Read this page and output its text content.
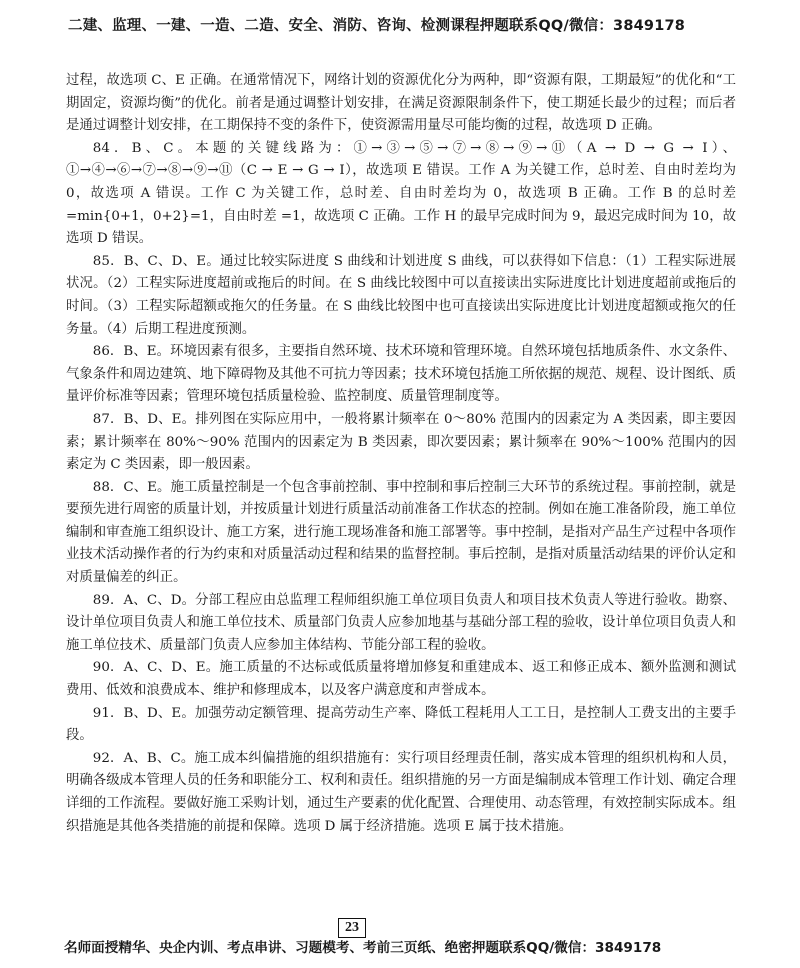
二建、监理、一建、一造、二造、安全、消防、咨询、检测课程押题联系QQ/微信：3849178

过程，故选项 C、E 正确。在通常情况下，网络计划的资源优化分为两种，即“资源有限，工期最短”的优化和“工期固定，资源均衡”的优化。前者是通过调整计划安排，在满足资源限制条件下，使工期延长最少的过程；而后者是通过调整计划安排，在工期保持不变的条件下，使资源需用量尽可能均衡的过程，故选项 D 正确。

84．B、C。本题的关键线路为：①→③→⑤→⑦→⑧→⑨→⑪（A → D → G → I）、①→④→⑥→⑦→⑧→⑨→⑪（C → E → G → I），故选项 E 错误。工作 A 为关键工作，总时差、自由时差均为 0，故选项 A 错误。工作 C 为关键工作，总时差、自由时差均为 0，故选项 B 正确。工作 B 的总时差 =min{0+1，0+2}=1，自由时差 =1，故选项 C 正确。工作 H 的最早完成时间为 9，最迟完成时间为 10，故选项 D 错误。

85．B、C、D、E。通过比较实际进度 S 曲线和计划进度 S 曲线，可以获得如下信息：（1）工程实际进展状况。（2）工程实际进度超前或拖后的时间。在 S 曲线比较图中可以直接读出实际进度比计划进度超前或拖后的时间。（3）工程实际超额或拖欠的任务量。在 S 曲线比较图中也可直接读出实际进度比计划进度超额或拖欠的任务量。（4）后期工程进度预测。

86．B、E。环境因素有很多，主要指自然环境、技术环境和管理环境。自然环境包括地质条件、水文条件、气象条件和周边建筑、地下障碍物及其他不可抗力等因素；技术环境包括施工所依据的规范、规程、设计图纸、质量评价标准等因素；管理环境包括质量检验、监控制度、质量管理制度等。

87．B、D、E。排列图在实际应用中，一般将累计频率在 0～80% 范围内的因素定为 A 类因素，即主要因素；累计频率在 80%～90% 范围内的因素定为 B 类因素，即次要因素；累计频率在 90%～100% 范围内的因素定为 C 类因素，即一般因素。

88．C、E。施工质量控制是一个包含事前控制、事中控制和事后控制三大环节的系统过程。事前控制，就是要预先进行周密的质量计划，并按质量计划进行质量活动前准备工作状态的控制。例如在施工准备阶段，施工单位编制和审查施工组织设计、施工方案，进行施工现场准备和施工部署等。事中控制，是指对产品生产过程中各项作业技术活动操作者的行为约束和对质量活动过程和结果的监督控制。事后控制，是指对质量活动结果的评价认定和对质量偏差的纠正。

89．A、C、D。分部工程应由总监理工程师组织施工单位项目负责人和项目技术负责人等进行验收。勘察、设计单位项目负责人和施工单位技术、质量部门负责人应参加地基与基础分部工程的验收，设计单位项目负责人和施工单位技术、质量部门负责人应参加主体结构、节能分部工程的验收。

90．A、C、D、E。施工质量的不达标或低质量将增加修复和重建成本、返工和修正成本、额外监测和测试费用、低效和浪费成本、维护和修理成本，以及客户满意度和声誉成本。

91．B、D、E。加强劳动定额管理、提高劳动生产率、降低工程耗用人工工日，是控制人工费支出的主要手段。

92．A、B、C。施工成本纠偏措施的组织措施有：实行项目经理责任制，落实成本管理的组织机构和人员，明确各级成本管理人员的任务和职能分工、权利和责任。组织措施的另一方面是编制成本管理工作计划、确定合理详细的工作流程。要做好施工采购计划，通过生产要素的优化配置、合理使用、动态管理，有效控制实际成本。组织措施是其他各类措施的前提和保障。选项 D 属于经济措施。选项 E 属于技术措施。

23
名师面授精华、央企内训、考点串讲、习题模考、考前三页纸、绝密押题联系QQ/微信：3849178
